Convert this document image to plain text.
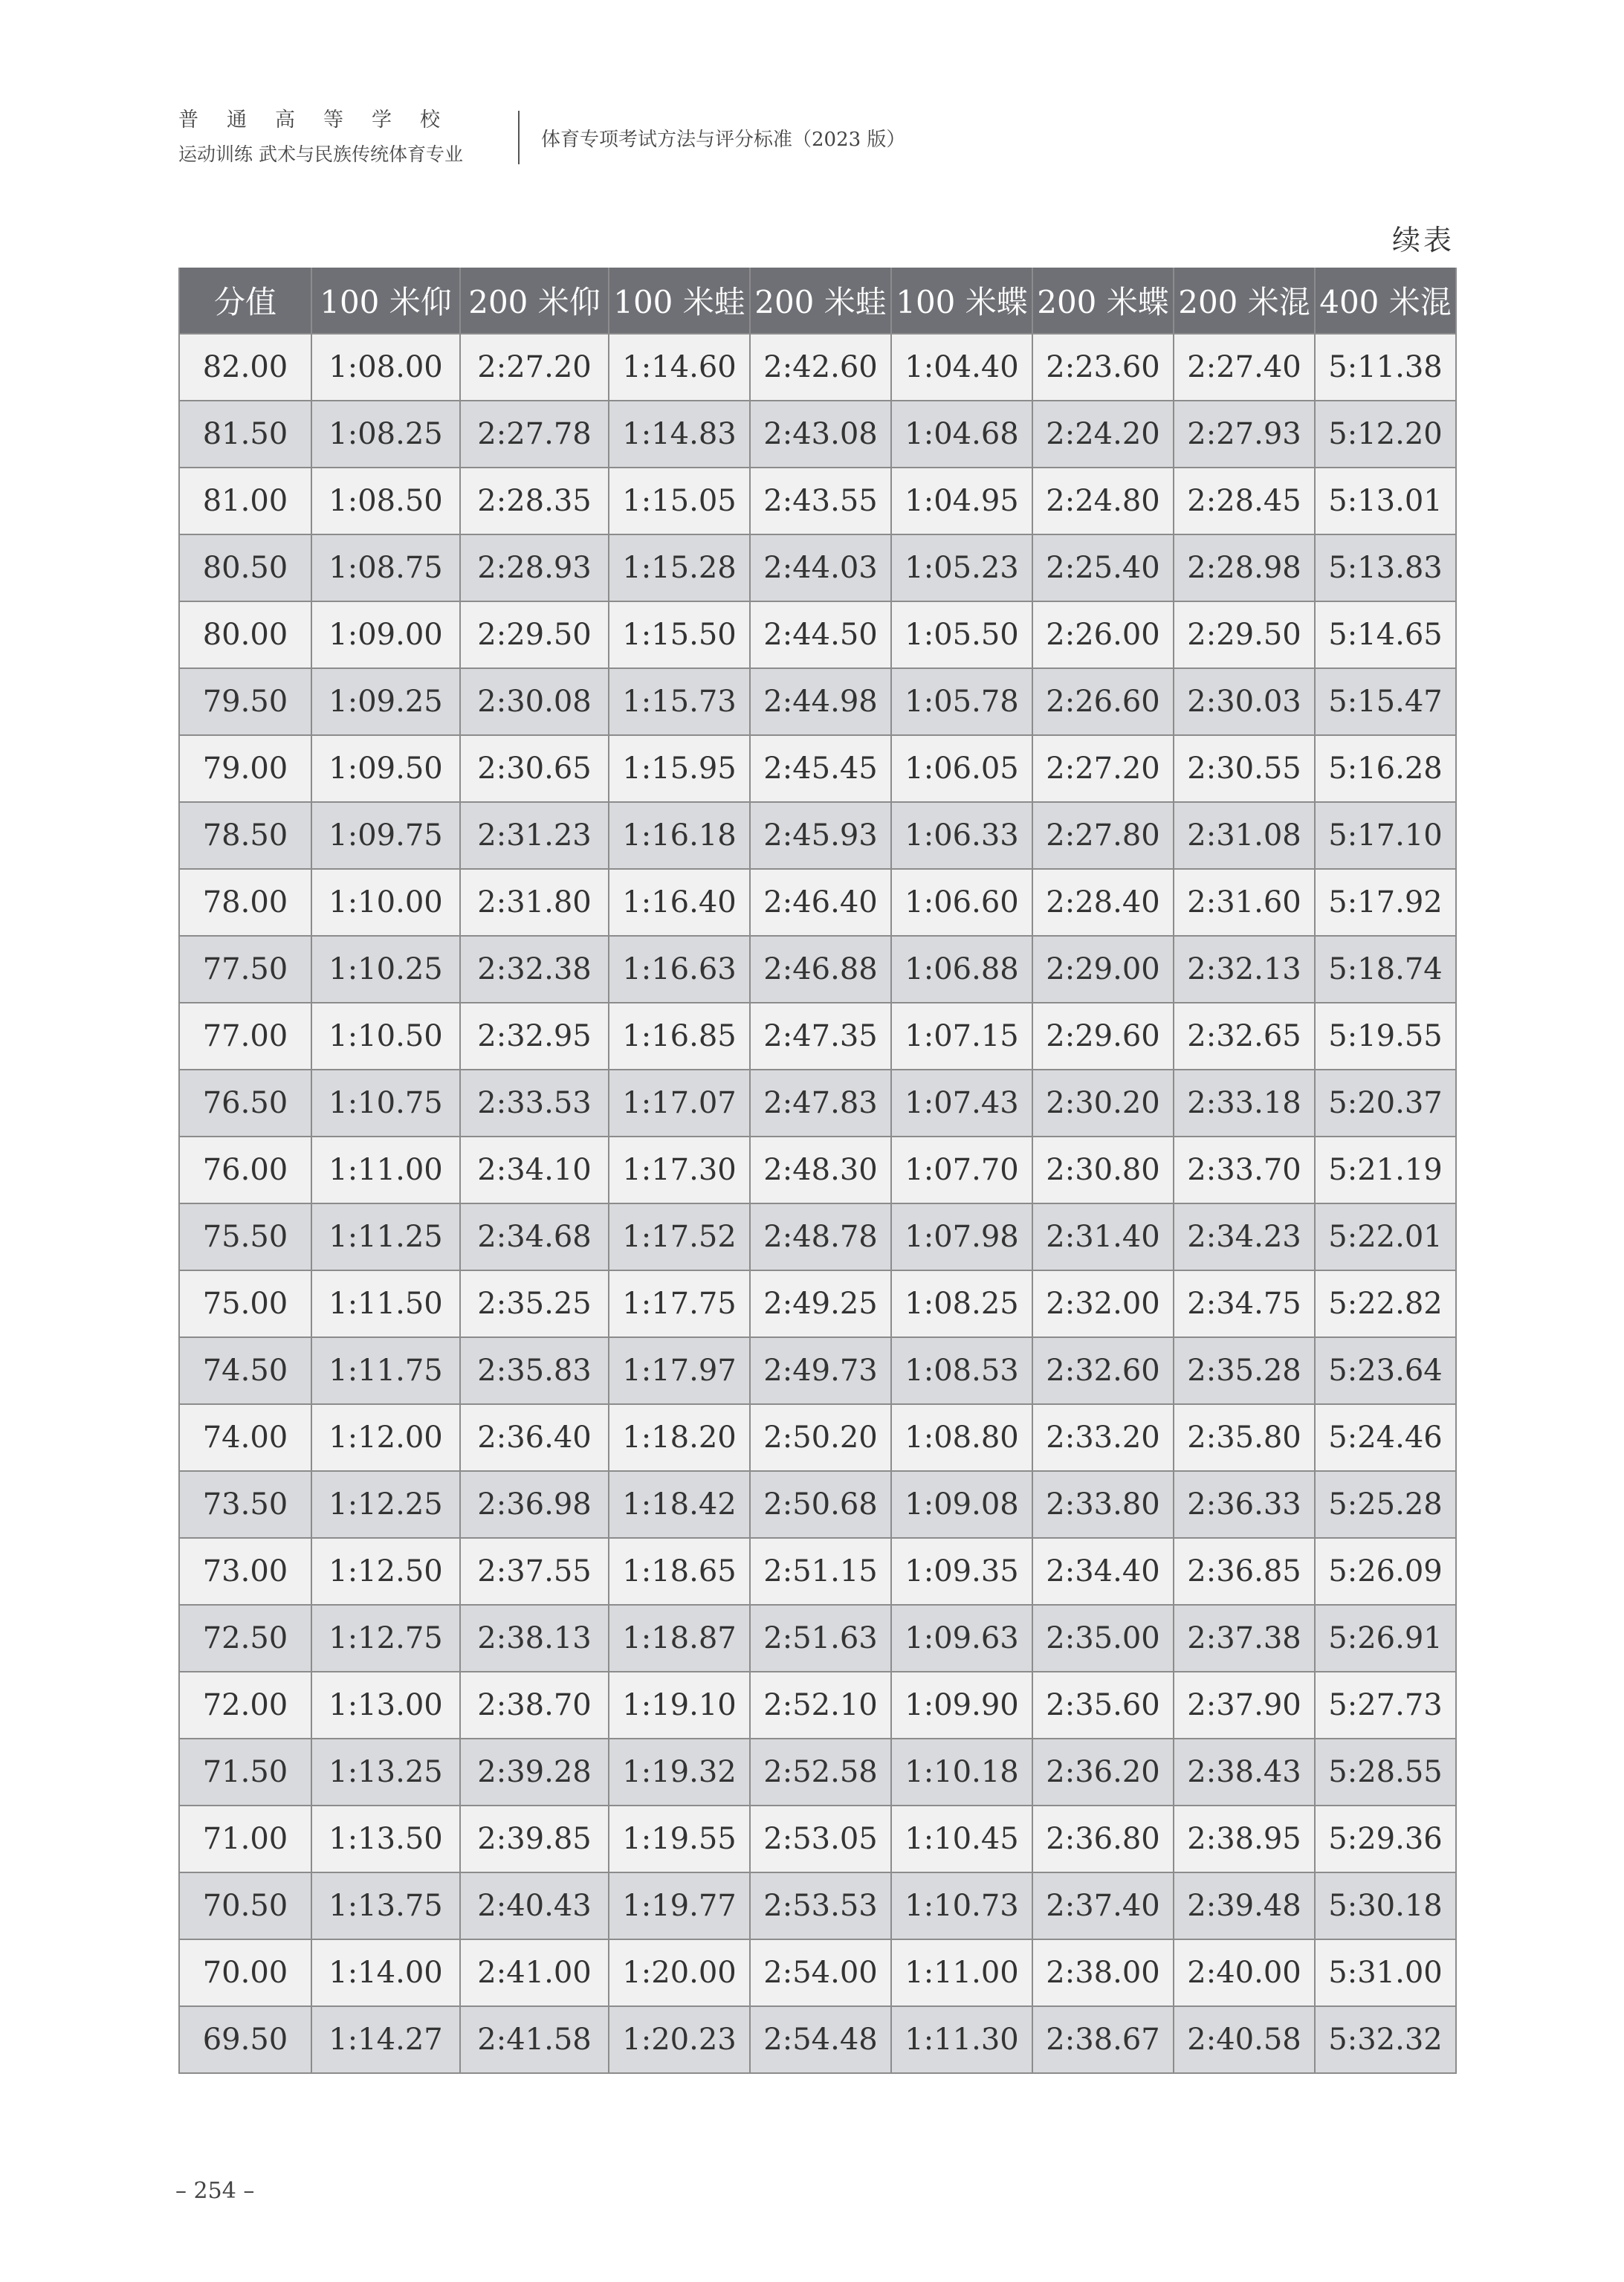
普通高等学校
运动训练 武术与民族传统体育专业
体育专项考试方法与评分标准（2023 版）
续表
分值	100 米仰	200 米仰	100 米蛙	200 米蛙	100 米蝶	200 米蝶	200 米混	400 米混
82.00	1:08.00	2:27.20	1:14.60	2:42.60	1:04.40	2:23.60	2:27.40	5:11.38
81.50	1:08.25	2:27.78	1:14.83	2:43.08	1:04.68	2:24.20	2:27.93	5:12.20
81.00	1:08.50	2:28.35	1:15.05	2:43.55	1:04.95	2:24.80	2:28.45	5:13.01
80.50	1:08.75	2:28.93	1:15.28	2:44.03	1:05.23	2:25.40	2:28.98	5:13.83
80.00	1:09.00	2:29.50	1:15.50	2:44.50	1:05.50	2:26.00	2:29.50	5:14.65
79.50	1:09.25	2:30.08	1:15.73	2:44.98	1:05.78	2:26.60	2:30.03	5:15.47
79.00	1:09.50	2:30.65	1:15.95	2:45.45	1:06.05	2:27.20	2:30.55	5:16.28
78.50	1:09.75	2:31.23	1:16.18	2:45.93	1:06.33	2:27.80	2:31.08	5:17.10
78.00	1:10.00	2:31.80	1:16.40	2:46.40	1:06.60	2:28.40	2:31.60	5:17.92
77.50	1:10.25	2:32.38	1:16.63	2:46.88	1:06.88	2:29.00	2:32.13	5:18.74
77.00	1:10.50	2:32.95	1:16.85	2:47.35	1:07.15	2:29.60	2:32.65	5:19.55
76.50	1:10.75	2:33.53	1:17.07	2:47.83	1:07.43	2:30.20	2:33.18	5:20.37
76.00	1:11.00	2:34.10	1:17.30	2:48.30	1:07.70	2:30.80	2:33.70	5:21.19
75.50	1:11.25	2:34.68	1:17.52	2:48.78	1:07.98	2:31.40	2:34.23	5:22.01
75.00	1:11.50	2:35.25	1:17.75	2:49.25	1:08.25	2:32.00	2:34.75	5:22.82
74.50	1:11.75	2:35.83	1:17.97	2:49.73	1:08.53	2:32.60	2:35.28	5:23.64
74.00	1:12.00	2:36.40	1:18.20	2:50.20	1:08.80	2:33.20	2:35.80	5:24.46
73.50	1:12.25	2:36.98	1:18.42	2:50.68	1:09.08	2:33.80	2:36.33	5:25.28
73.00	1:12.50	2:37.55	1:18.65	2:51.15	1:09.35	2:34.40	2:36.85	5:26.09
72.50	1:12.75	2:38.13	1:18.87	2:51.63	1:09.63	2:35.00	2:37.38	5:26.91
72.00	1:13.00	2:38.70	1:19.10	2:52.10	1:09.90	2:35.60	2:37.90	5:27.73
71.50	1:13.25	2:39.28	1:19.32	2:52.58	1:10.18	2:36.20	2:38.43	5:28.55
71.00	1:13.50	2:39.85	1:19.55	2:53.05	1:10.45	2:36.80	2:38.95	5:29.36
70.50	1:13.75	2:40.43	1:19.77	2:53.53	1:10.73	2:37.40	2:39.48	5:30.18
70.00	1:14.00	2:41.00	1:20.00	2:54.00	1:11.00	2:38.00	2:40.00	5:31.00
69.50	1:14.27	2:41.58	1:20.23	2:54.48	1:11.30	2:38.67	2:40.58	5:32.32
– 254 –
